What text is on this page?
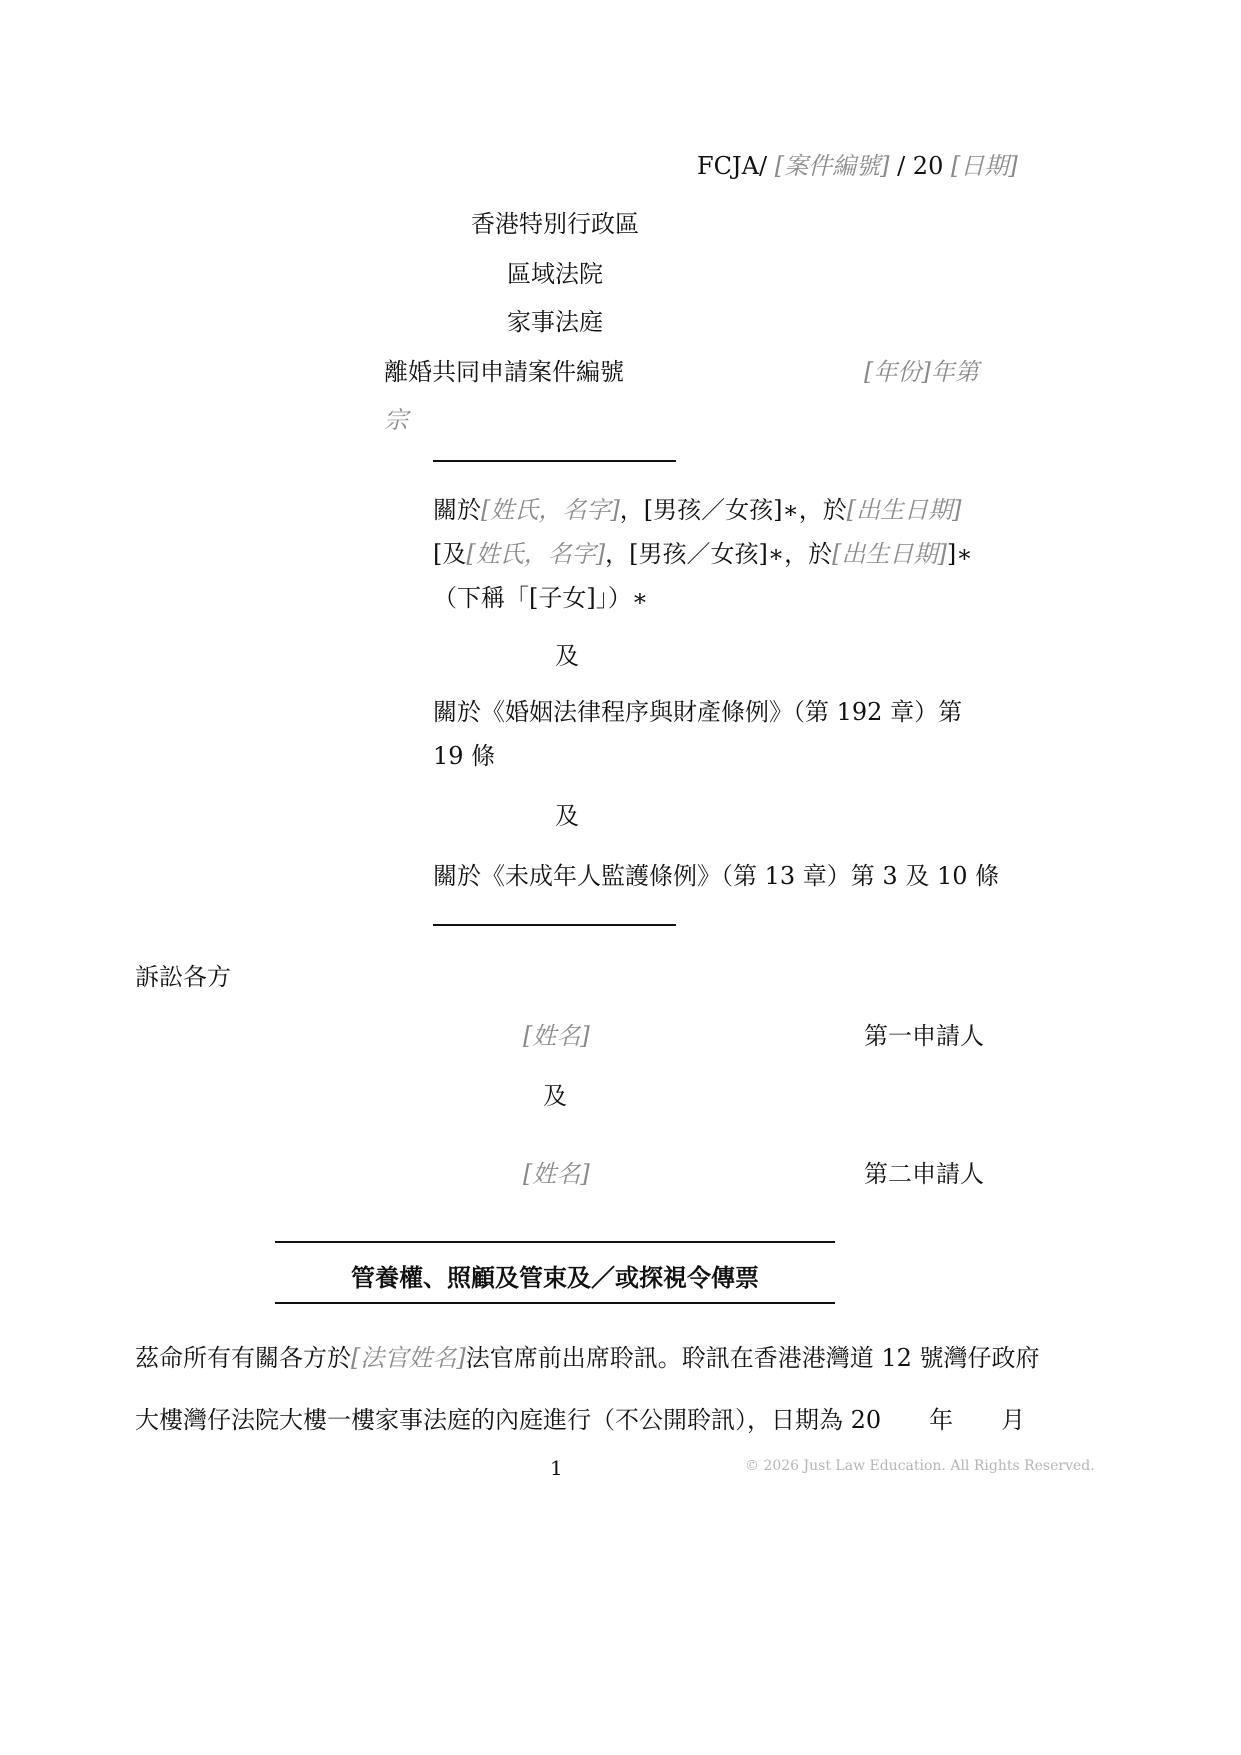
FCJA/ [案件編號] / 20 [日期]
香港特別行政區
區域法院
家事法庭
離婚共同申請案件編號	[年份]年第
宗
關於[姓氏，名字]，[男孩／女孩]∗，於[出生日期] [及[姓氏，名字]，[男孩／女孩]∗，於[出生日期]]∗（下稱「[子女]」）∗
及
關於《婚姻法律程序與財產條例》（第 192 章）第 19 條
及
關於《未成年人監護條例》（第 13 章）第 3 及 10 條
訴訟各方
[姓名]	第一申請人
及
[姓名]	第二申請人
管養權、照顧及管束及／或探視令傳票
茲命所有有關各方於[法官姓名]法官席前出席聆訊。聆訊在香港港灣道 12 號灣仔政府
大樓灣仔法院大樓一樓家事法庭的內庭進行（不公開聆訊），日期為 20　　年　　月
1	© 2026 Just Law Education. All Rights Reserved.
